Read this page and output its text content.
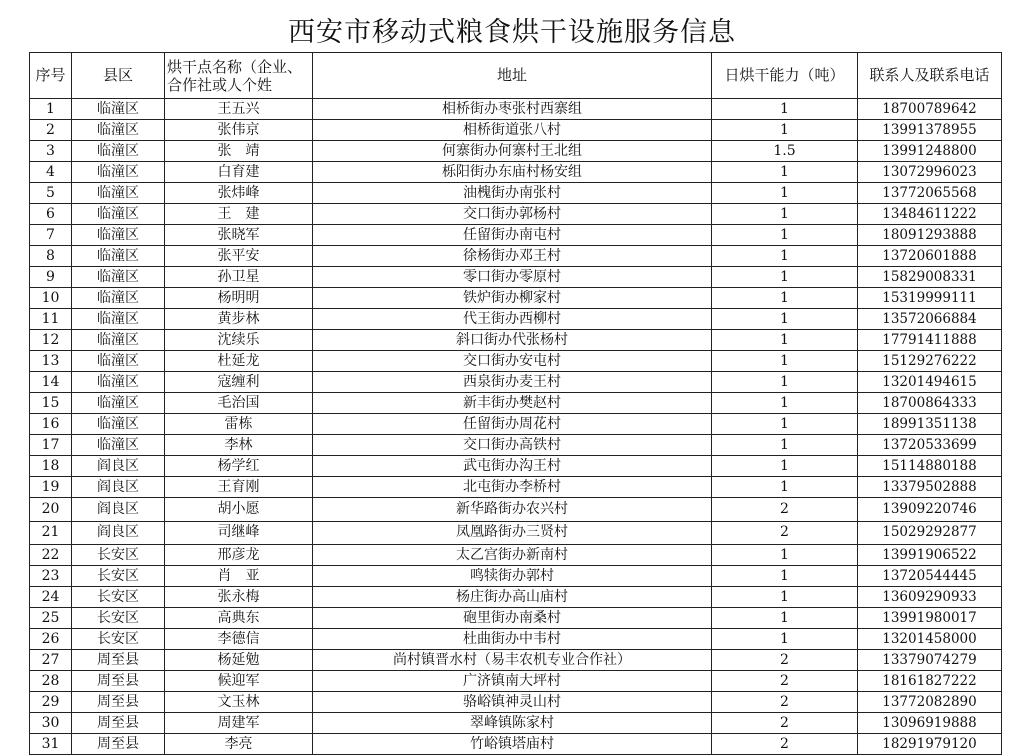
西安市移动式粮食烘干设施服务信息
序号	县区	烘干点名称（企业、合作社或人个姓	地址	日烘干能力（吨）	联系人及联系电话
1	临潼区	王五兴	相桥街办枣张村西寨组	1	18700789642
2	临潼区	张伟京	相桥街道张八村	1	13991378955
3	临潼区	张　靖	何寨街办何寨村王北组	1.5	13991248800
4	临潼区	白育建	栎阳街办东庙村杨安组	1	13072996023
5	临潼区	张炜峰	油槐街办南张村	1	13772065568
6	临潼区	王　建	交口街办郭杨村	1	13484611222
7	临潼区	张晓军	任留街办南屯村	1	18091293888
8	临潼区	张平安	徐杨街办邓王村	1	13720601888
9	临潼区	孙卫星	零口街办零原村	1	15829008331
10	临潼区	杨明明	铁炉街办柳家村	1	15319999111
11	临潼区	黄步林	代王街办西柳村	1	13572066884
12	临潼区	沈续乐	斜口街办代张杨村	1	17791411888
13	临潼区	杜延龙	交口街办安屯村	1	15129276222
14	临潼区	寇缠利	西泉街办麦王村	1	13201494615
15	临潼区	毛治国	新丰街办樊赵村	1	18700864333
16	临潼区	雷栋	任留街办周花村	1	18991351138
17	临潼区	李林	交口街办高铁村	1	13720533699
18	阎良区	杨学红	武屯街办沟王村	1	15114880188
19	阎良区	王育刚	北屯街办李桥村	1	13379502888
20	阎良区	胡小愿	新华路街办农兴村	2	13909220746
21	阎良区	司继峰	凤凰路街办三贤村	2	15029292877
22	长安区	邢彦龙	太乙宫街办新南村	1	13991906522
23	长安区	肖　亚	鸣犊街办郭村	1	13720544445
24	长安区	张永梅	杨庄街办高山庙村	1	13609290933
25	长安区	高典东	砲里街办南桑村	1	13991980017
26	长安区	李德信	杜曲街办中韦村	1	13201458000
27	周至县	杨延勉	尚村镇晋水村（易丰农机专业合作社）	2	13379074279
28	周至县	候迎军	广济镇南大坪村	2	18161827222
29	周至县	文玉林	骆峪镇神灵山村	2	13772082890
30	周至县	周建军	翠峰镇陈家村	2	13096919888
31	周至县	李亮	竹峪镇塔庙村	2	18291979120
